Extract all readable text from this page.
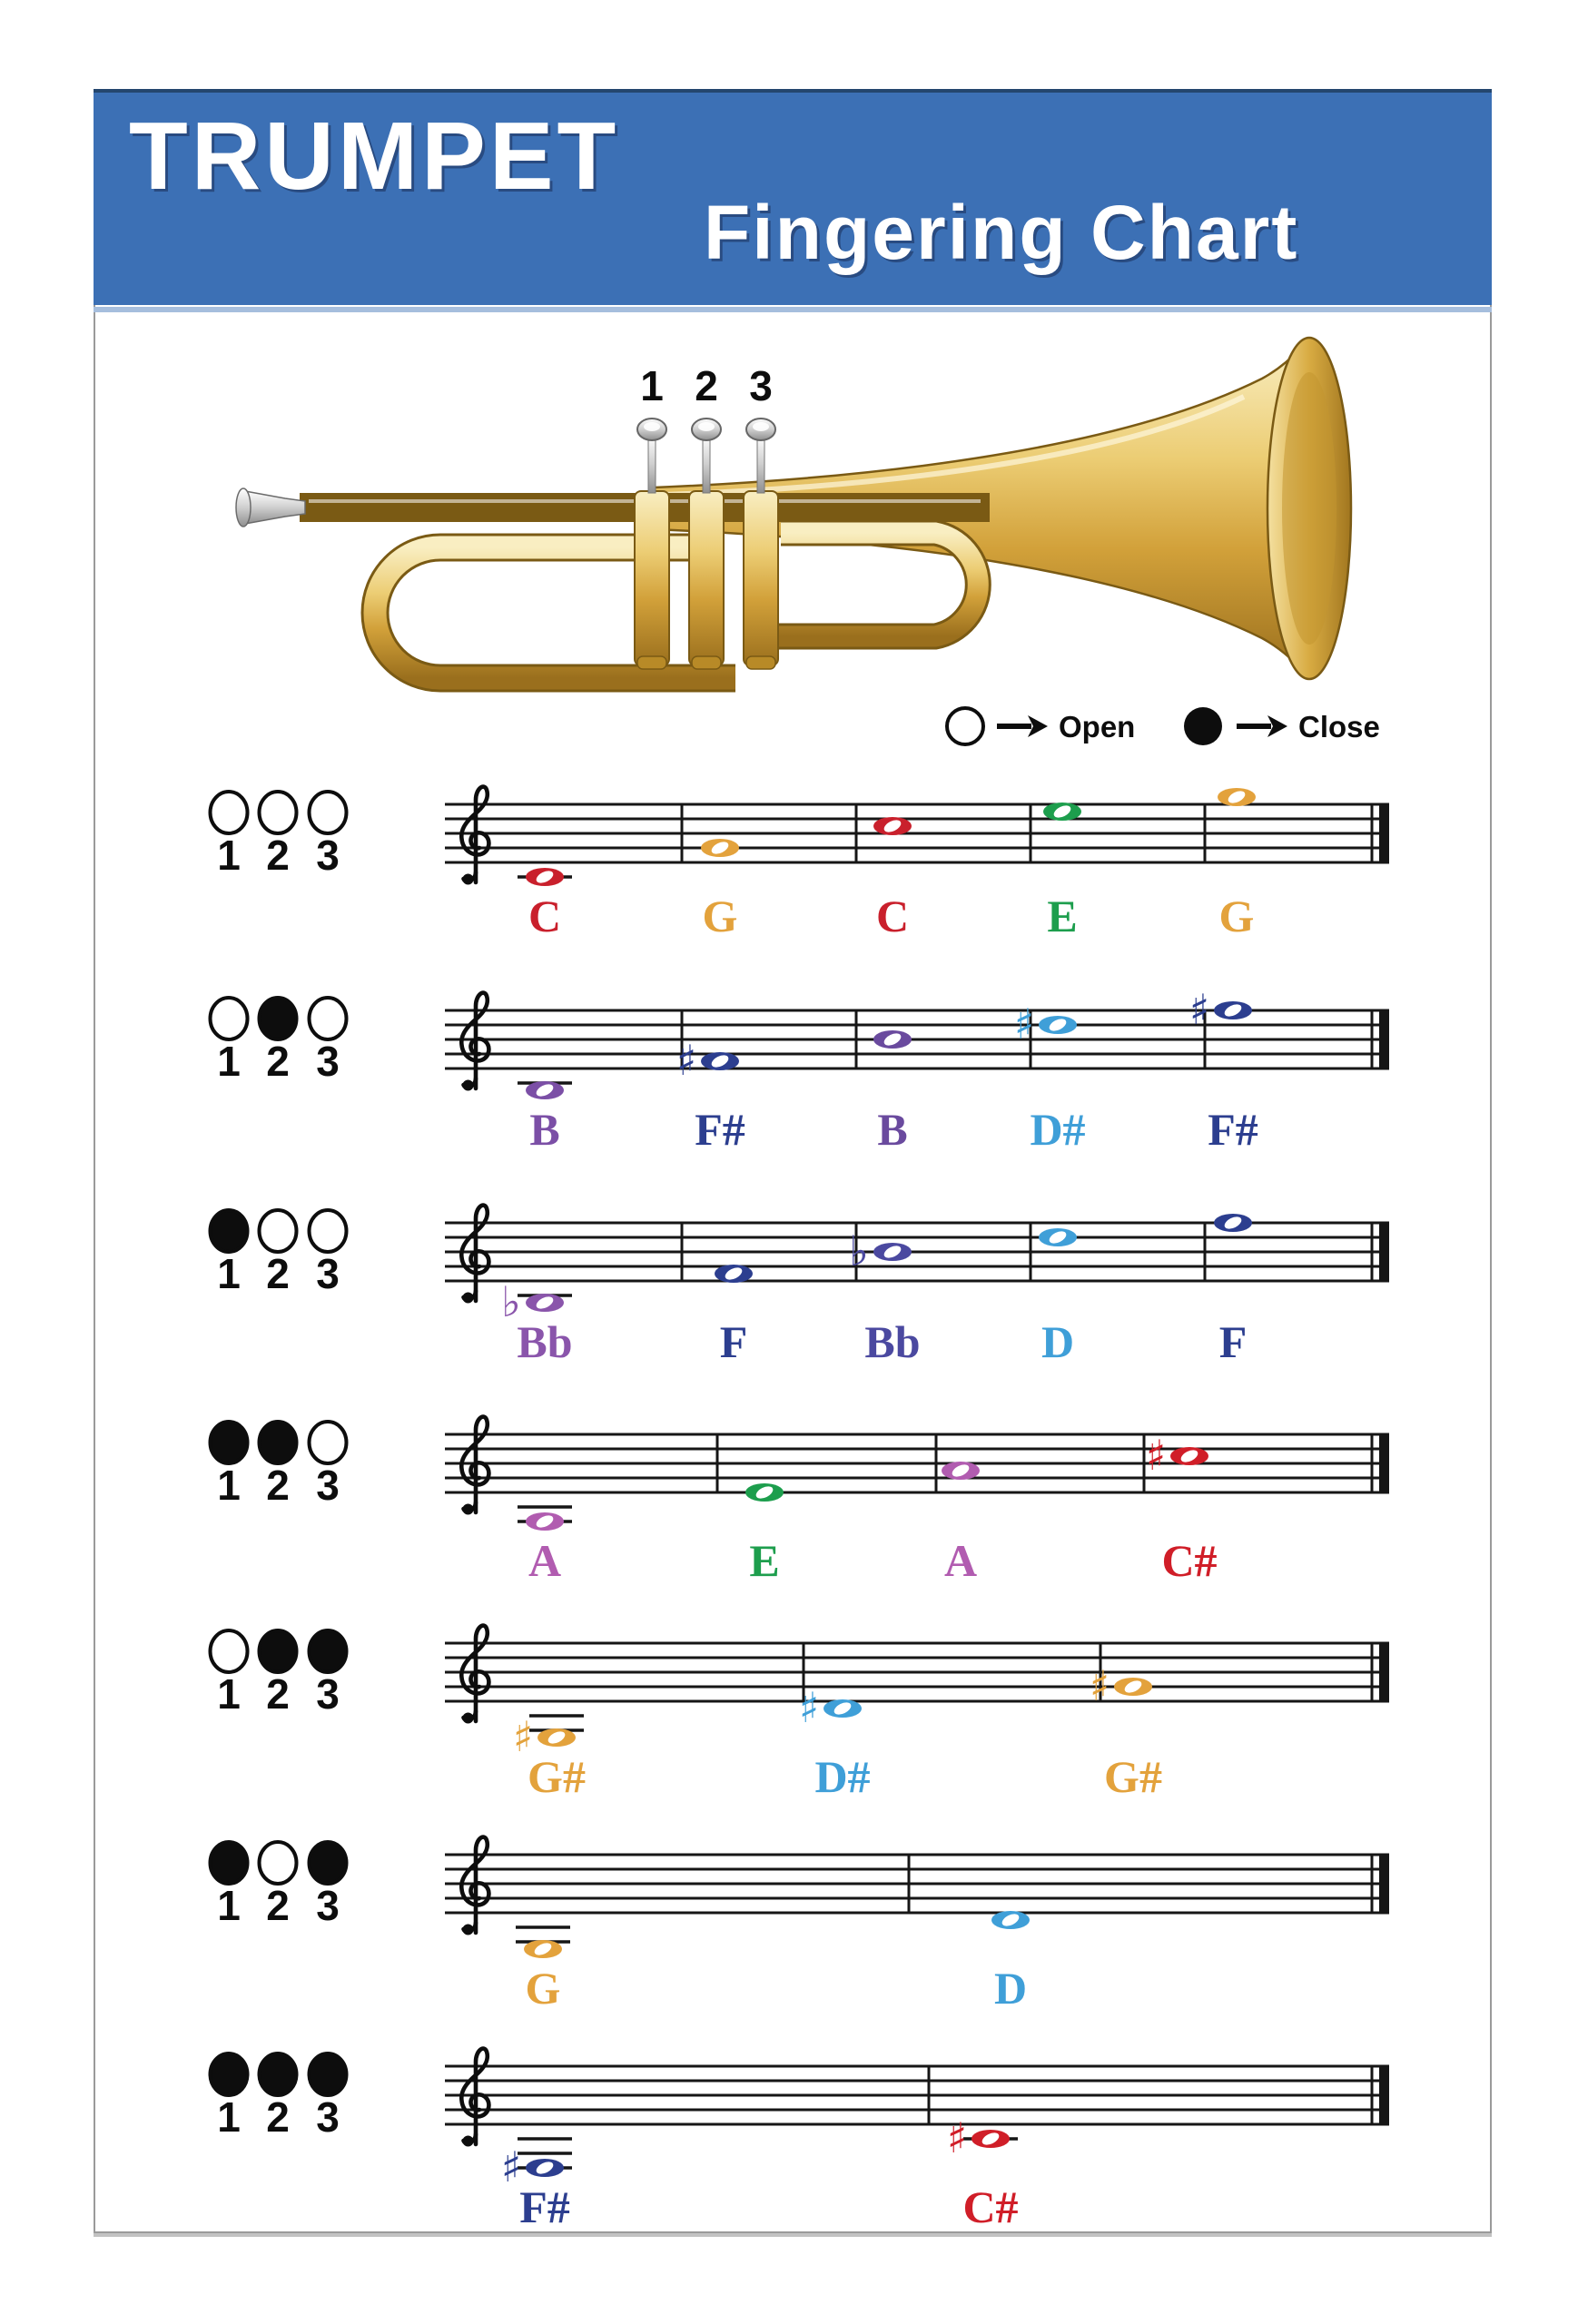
TRUMPET
Fingering Chart
1 2 3
Open	Close
1 2 3
C	G	C	E	G
1 2 3	♯
♯	♯
B	F#	B	D#	F#
1 2 3
♭
♭
Bb	F	Bb	D	F
1 2 3
♯
A	E	A	C#
1 2 3
♯
♯	♯
G#	D#	G#
1 2 3
G	D
1 2 3
♯
♯
F#	C#
